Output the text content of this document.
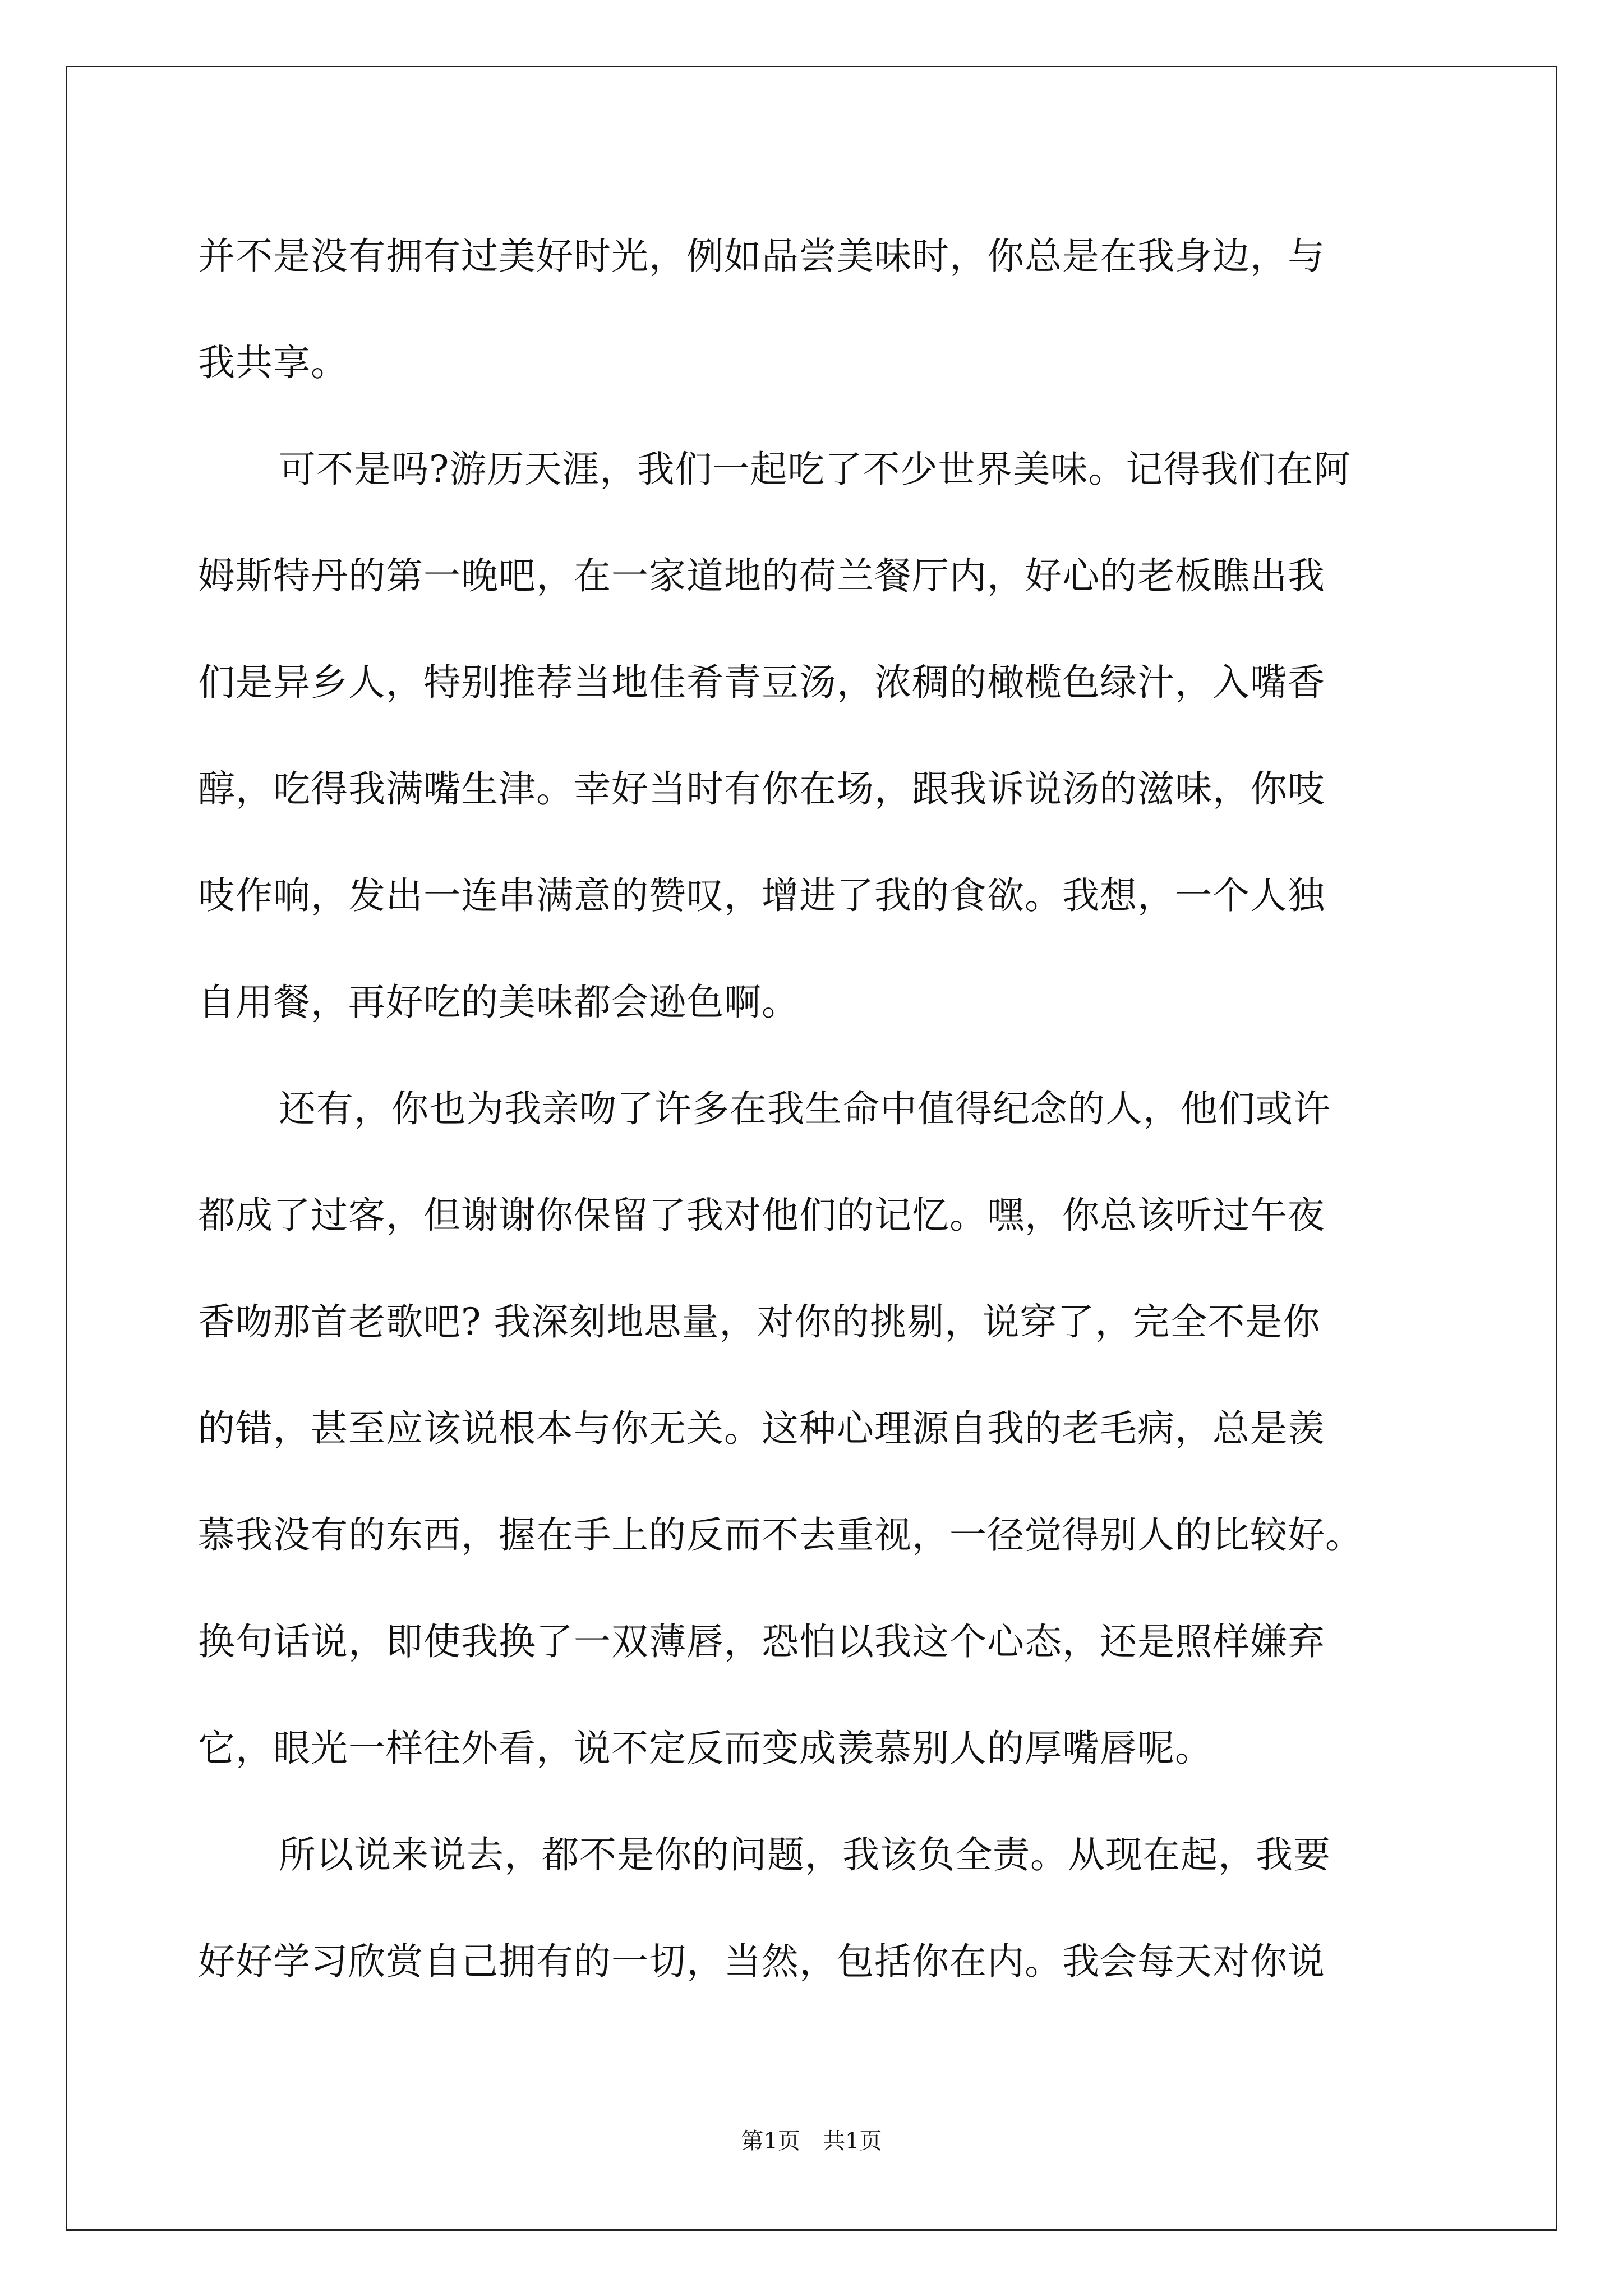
并不是没有拥有过美好时光，例如品尝美味时，你总是在我身边，与
我共享。
可不是吗?游历天涯，我们一起吃了不少世界美味。记得我们在阿
姆斯特丹的第一晚吧，在一家道地的荷兰餐厅内，好心的老板瞧出我
们是异乡人，特别推荐当地佳肴青豆汤，浓稠的橄榄色绿汁，入嘴香
醇，吃得我满嘴生津。幸好当时有你在场，跟我诉说汤的滋味，你吱
吱作响，发出一连串满意的赞叹，增进了我的食欲。我想，一个人独
自用餐，再好吃的美味都会逊色啊。
还有，你也为我亲吻了许多在我生命中值得纪念的人，他们或许
都成了过客，但谢谢你保留了我对他们的记忆。嘿，你总该听过午夜
香吻那首老歌吧? 我深刻地思量，对你的挑剔，说穿了，完全不是你
的错，甚至应该说根本与你无关。这种心理源自我的老毛病，总是羡
慕我没有的东西，握在手上的反而不去重视，一径觉得别人的比较好。
换句话说，即使我换了一双薄唇，恐怕以我这个心态，还是照样嫌弃
它，眼光一样往外看，说不定反而变成羡慕别人的厚嘴唇呢。
所以说来说去，都不是你的问题，我该负全责。从现在起，我要
好好学习欣赏自己拥有的一切，当然，包括你在内。我会每天对你说
第1页 共1页
